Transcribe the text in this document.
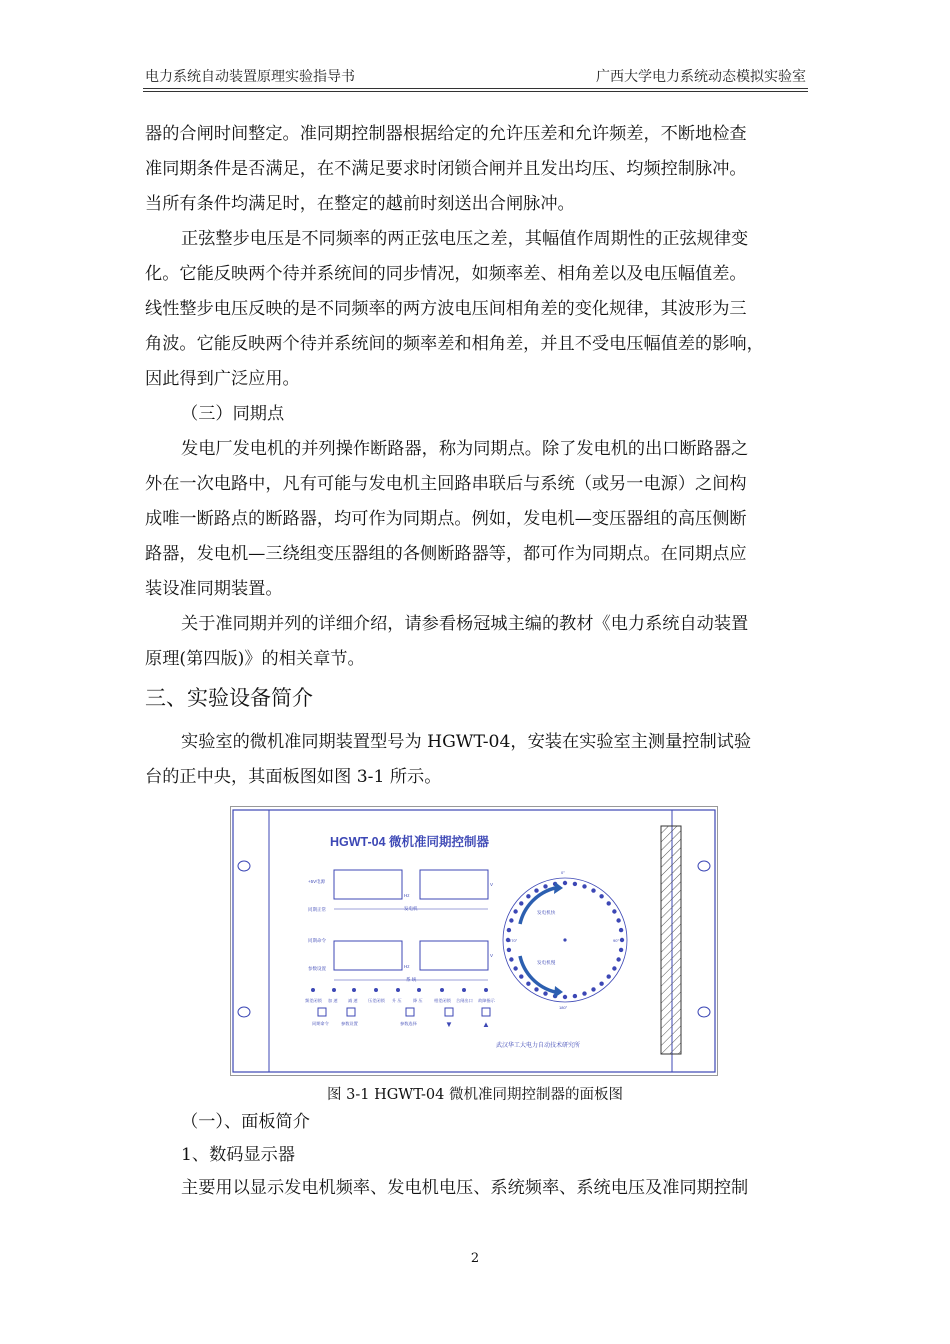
电力系统自动装置原理实验指导书	广西大学电力系统动态模拟实验室
器的合闸时间整定。准同期控制器根据给定的允许压差和允许频差，不断地检查
准同期条件是否满足，在不满足要求时闭锁合闸并且发出均压、均频控制脉冲。
当所有条件均满足时，在整定的越前时刻送出合闸脉冲。
正弦整步电压是不同频率的两正弦电压之差，其幅值作周期性的正弦规律变
化。它能反映两个待并系统间的同步情况，如频率差、相角差以及电压幅值差。
线性整步电压反映的是不同频率的两方波电压间相角差的变化规律，其波形为三
角波。它能反映两个待并系统间的频率差和相角差，并且不受电压幅值差的影响，
因此得到广泛应用。
（三）同期点
发电厂发电机的并列操作断路器，称为同期点。除了发电机的出口断路器之
外在一次电路中，凡有可能与发电机主回路串联后与系统（或另一电源）之间构
成唯一断路点的断路器，均可作为同期点。例如，发电机—变压器组的高压侧断
路器，发电机—三绕组变压器组的各侧断路器等，都可作为同期点。在同期点应
装设准同期装置。
关于准同期并列的详细介绍，请参看杨冠城主编的教材《电力系统自动装置
原理(第四版)》的相关章节。
三、实验设备简介
实验室的微机准同期装置型号为 HGWT-04，安装在实验室主测量控制试验
台的正中央，其面板图如图 3-1 所示。
HGWT-04 微机准同期控制器
+5V电源
同期正常
同期命令
参数设置
Hz
V
Hz
V
发电机
系 统
频差闭锁 加 速 减 速 压差闭锁 升 压	降 压	相差闭锁 合闸出口 故障指示
同期命令	参数设置	参数选择	▼	▲
发电机快
发电机慢
0°
90°
180°
270°
武汉华工大电力自动技术研究所
图 3-1 HGWT-04 微机准同期控制器的面板图
（一）、面板简介
1、数码显示器
主要用以显示发电机频率、发电机电压、系统频率、系统电压及准同期控制
2
